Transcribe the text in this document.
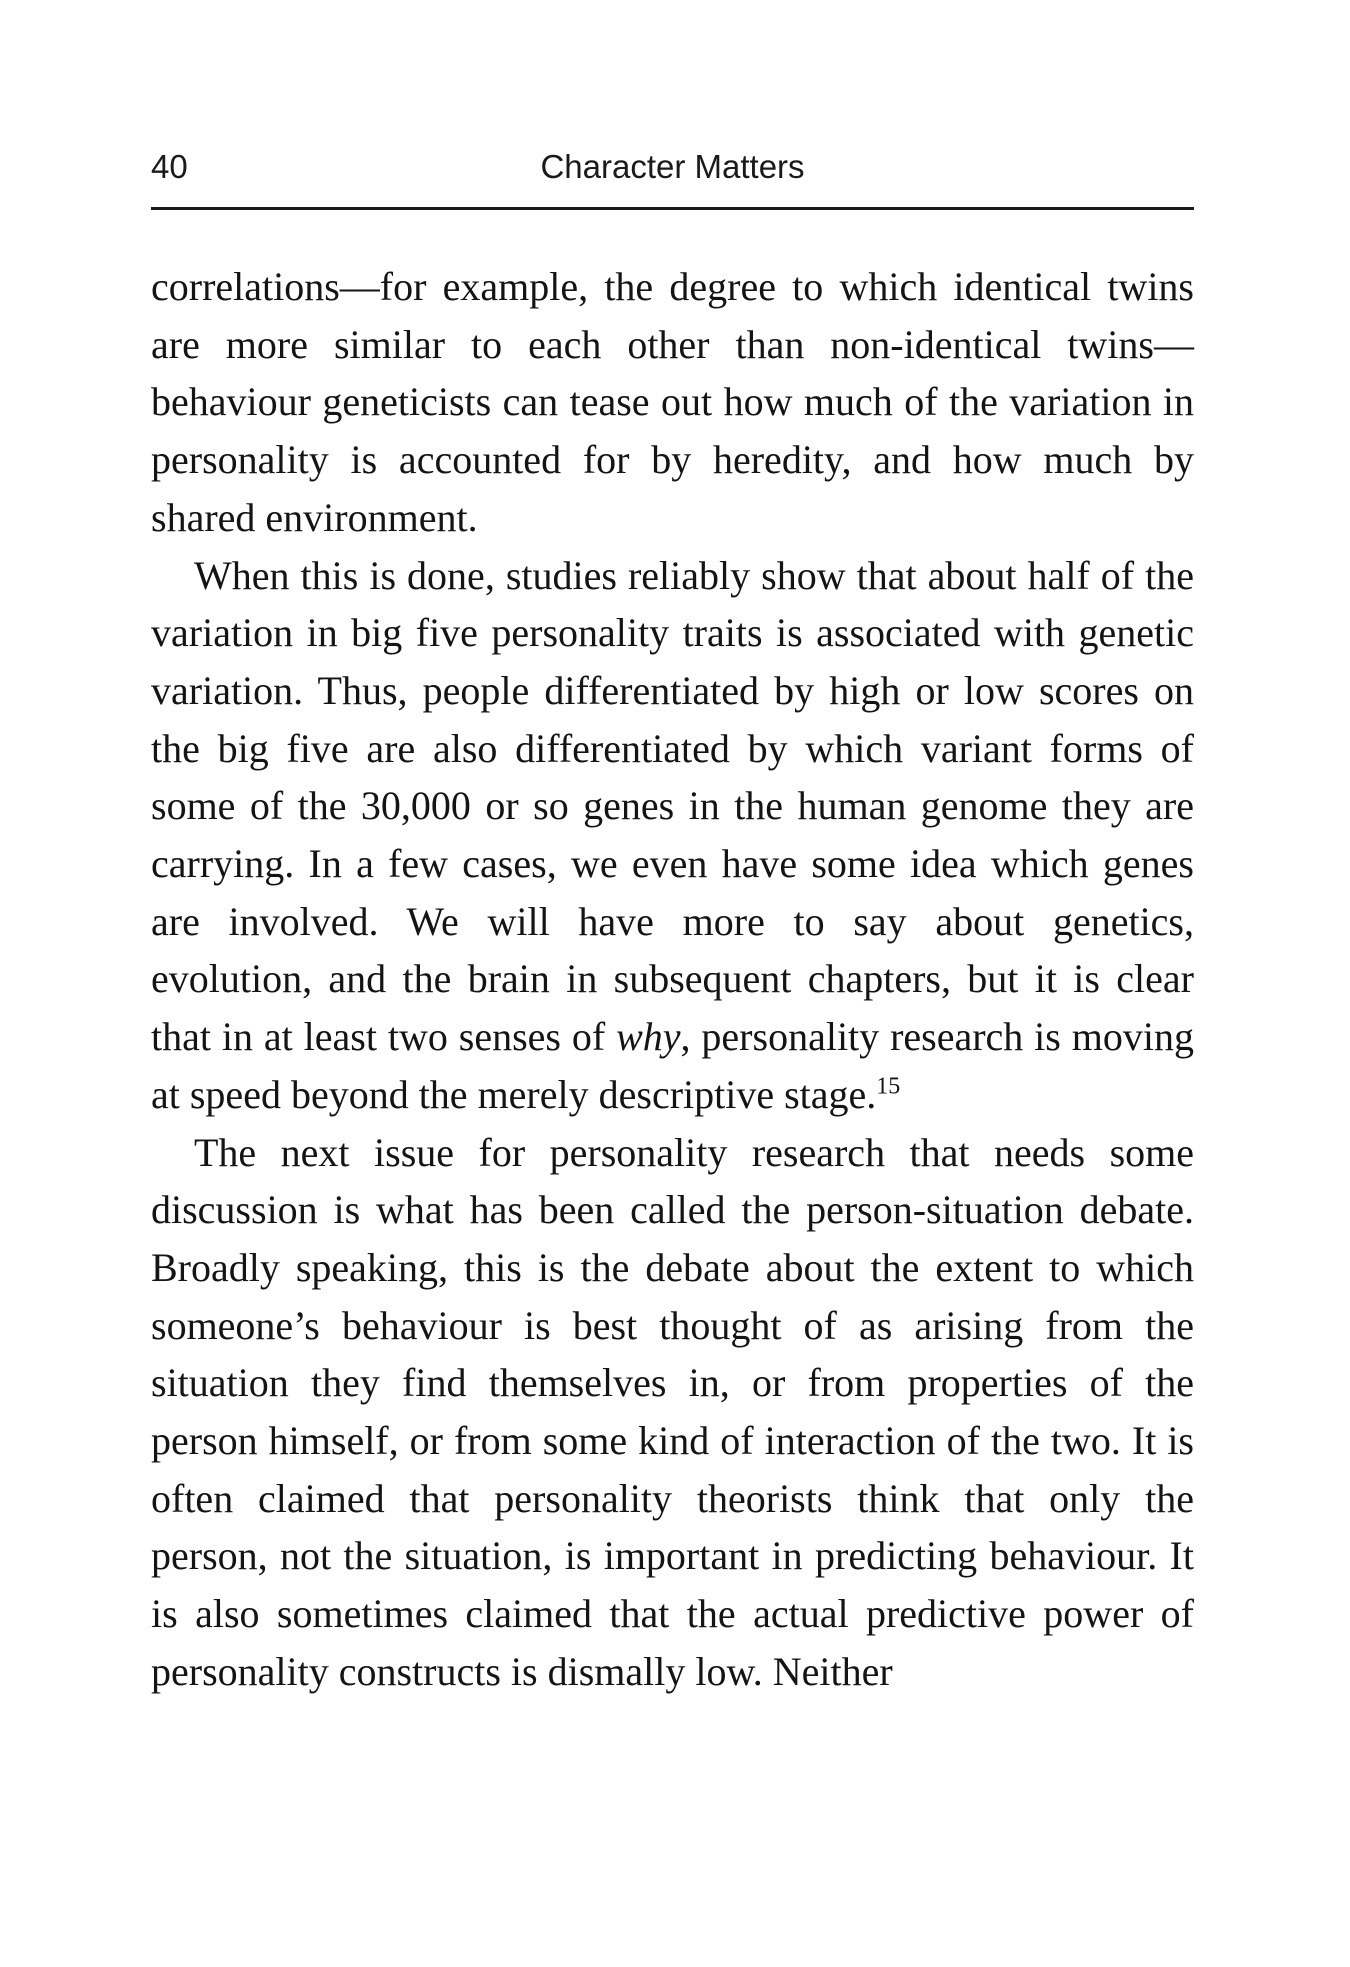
40	Character Matters

correlations—for example, the degree to which identical twins are more similar to each other than non-identical twins—behaviour geneticists can tease out how much of the variation in personality is accounted for by heredity, and how much by shared environment.

When this is done, studies reliably show that about half of the variation in big five personality traits is associated with genetic variation. Thus, people differentiated by high or low scores on the big five are also differentiated by which variant forms of some of the 30,000 or so genes in the human genome they are carrying. In a few cases, we even have some idea which genes are involved. We will have more to say about genetics, evolution, and the brain in subsequent chapters, but it is clear that in at least two senses of why, personality research is moving at speed beyond the merely descriptive stage.$^{15}$

The next issue for personality research that needs some discussion is what has been called the person-situation debate. Broadly speaking, this is the debate about the extent to which someone’s behaviour is best thought of as arising from the situation they find themselves in, or from properties of the person himself, or from some kind of interaction of the two. It is often claimed that personality theorists think that only the person, not the situation, is important in predicting behaviour. It is also sometimes claimed that the actual predictive power of personality constructs is dismally low. Neither
